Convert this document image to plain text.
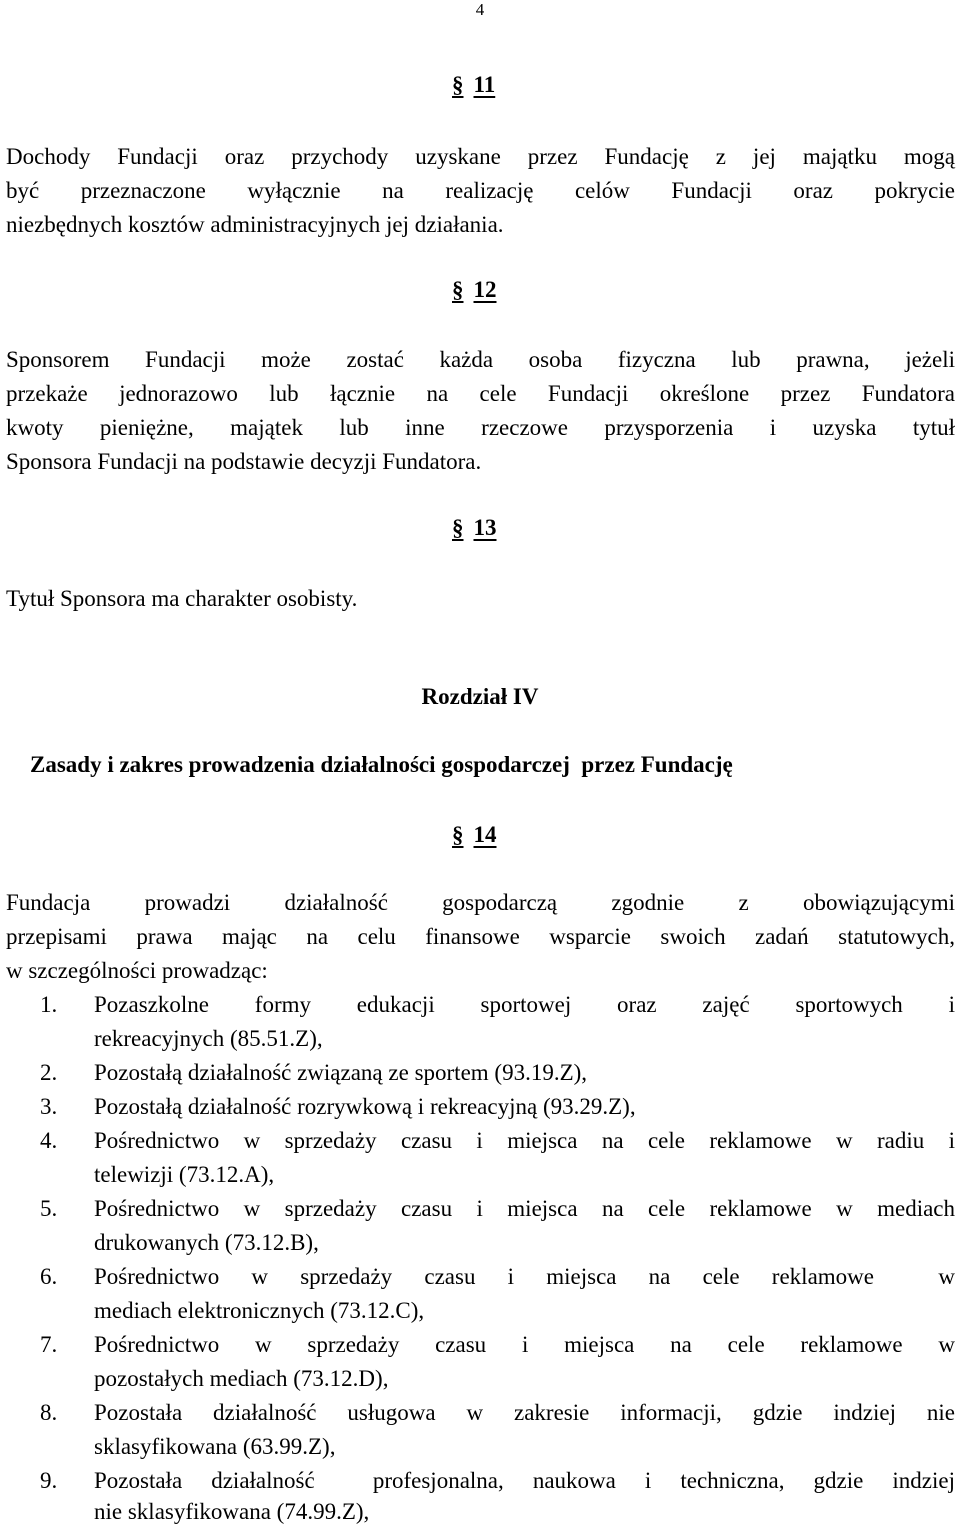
4
§ 11
Dochody Fundacji oraz przychody uzyskane przez Fundację z jej majątku mogą
być przeznaczone wyłącznie na realizację celów Fundacji oraz pokrycie
niezbędnych kosztów administracyjnych jej działania.
§ 12
Sponsorem Fundacji może zostać każda osoba fizyczna lub prawna, jeżeli
przekaże jednorazowo lub łącznie na cele Fundacji określone przez Fundatora
kwoty pieniężne, majątek lub inne rzeczowe przysporzenia i uzyska tytuł
Sponsora Fundacji na podstawie decyzji Fundatora.
§ 13
Tytuł Sponsora ma charakter osobisty.
Rozdział IV
Zasady i zakres prowadzenia działalności gospodarczej  przez Fundację
§ 14
Fundacja prowadzi działalność gospodarczą zgodnie z obowiązującymi
przepisami prawa mając na celu finansowe wsparcie swoich zadań statutowych,
w szczególności prowadząc:
1. Pozaszkolne formy edukacji sportowej oraz zajęć sportowych i
rekreacyjnych (85.51.Z),
2. Pozostałą działalność związaną ze sportem (93.19.Z),
3. Pozostałą działalność rozrywkową i rekreacyjną (93.29.Z),
4. Pośrednictwo w sprzedaży czasu i miejsca na cele reklamowe w radiu i
telewizji (73.12.A),
5. Pośrednictwo w sprzedaży czasu i miejsca na cele reklamowe w mediach
drukowanych (73.12.B),
6. Pośrednictwo w sprzedaży czasu i miejsca na cele reklamowe  w
mediach elektronicznych (73.12.C),
7. Pośrednictwo w sprzedaży czasu i miejsca na cele reklamowe w
pozostałych mediach (73.12.D),
8. Pozostała działalność usługowa w zakresie informacji, gdzie indziej nie
sklasyfikowana (63.99.Z),
9. Pozostała działalność  profesjonalna, naukowa i techniczna, gdzie indziej
nie sklasyfikowana (74.99.Z),
